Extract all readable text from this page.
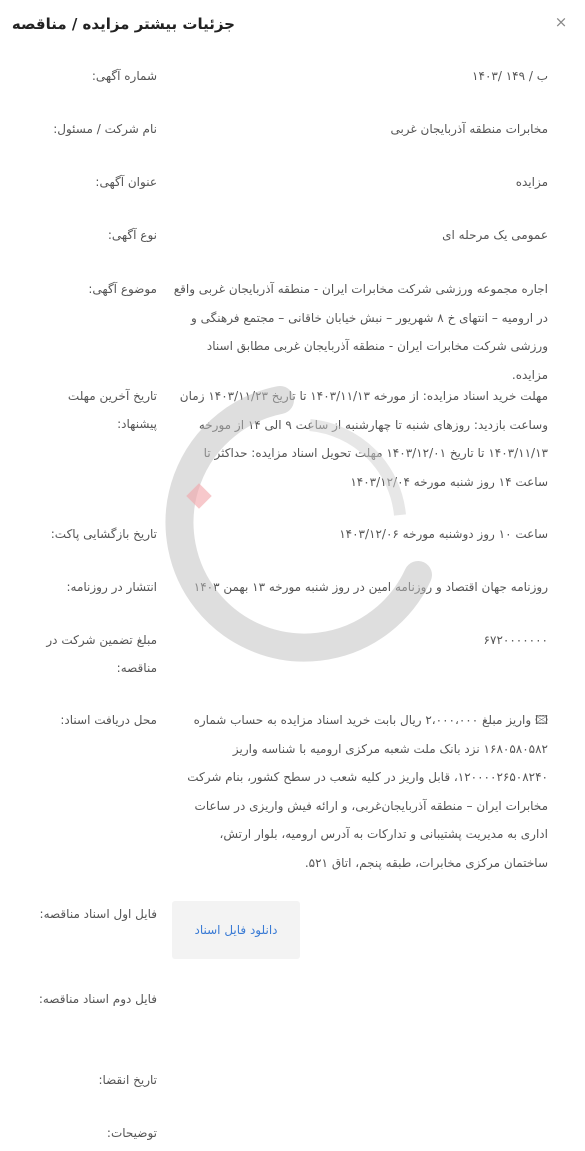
جزئیات بیشتر مزایده / مناقصه	×
شماره آگهی:	ب / ۱۴۹ /۱۴۰۳
نام شرکت / مسئول:	مخابرات منطقه آذربایجان غربی
عنوان آگهی:	مزایده
نوع آگهی:	عمومی یک مرحله ای
موضوع آگهی: اجاره مجموعه ورزشی شرکت مخابرات ایران - منطقه آذربایجان غربی واقع در ارومیه – انتهای خ ۸ شهریور – نبش خیابان خاقانی – مجتمع فرهنگی و ورزشی شرکت مخابرات ایران - منطقه آذربایجان غربی مطابق اسناد مزایده.
تاریخ آخرین مهلت پیشنهاد:
مهلت خرید اسناد مزایده: از مورخه ۱۴۰۳/۱۱/۱۳ تا تاریخ ۱۴۰۳/۱۱/۲۳ زمان وساعت بازدید: روزهای شنبه تا چهارشنبه از ساعت ۹ الی ۱۴ از مورخه ۱۴۰۳/۱۱/۱۳ تا تاریخ ۱۴۰۳/۱۲/۰۱ مهلت تحویل اسناد مزایده: حداکثر تا ساعت ۱۴ روز شنبه مورخه ۱۴۰۳/۱۲/۰۴
تاریخ بازگشایی پاکت:	ساعت ۱۰ روز دوشنبه مورخه ۱۴۰۳/۱۲/۰۶
انتشار در روزنامه:	روزنامه جهان اقتصاد و روزنامه امین در روز شنبه مورخه ۱۳ بهمن ۱۴۰۳
مبلغ تضمین شرکت در مناقصه:
۶۷۲۰۰۰۰۰۰۰
محل دریافت اسناد:	🖾 واریز مبلغ ۲،۰۰۰،۰۰۰ ریال بابت خرید اسناد مزایده به حساب شماره ۱۶۸۰۵۸۰۵۸۲ نزد بانک ملت شعبه مرکزی ارومیه با شناسه واریز ۱۲۰۰۰۰۲۶۵۰۸۲۴۰، قابل واریز در کلیه شعب در سطح کشور، بنام شرکت مخابرات ایران – منطقه آذربایجان‌غربی، و ارائه فیش واریزی در ساعات اداری به مدیریت پشتیبانی و تدارکات به آدرس ارومیه، بلوار ارتش، ساختمان مرکزی مخابرات، طبقه پنجم، اتاق ۵۲۱.
فایل اول اسناد مناقصه:
دانلود فایل اسناد
فایل دوم اسناد مناقصه:
تاریخ انقضا:
توضیحات:
